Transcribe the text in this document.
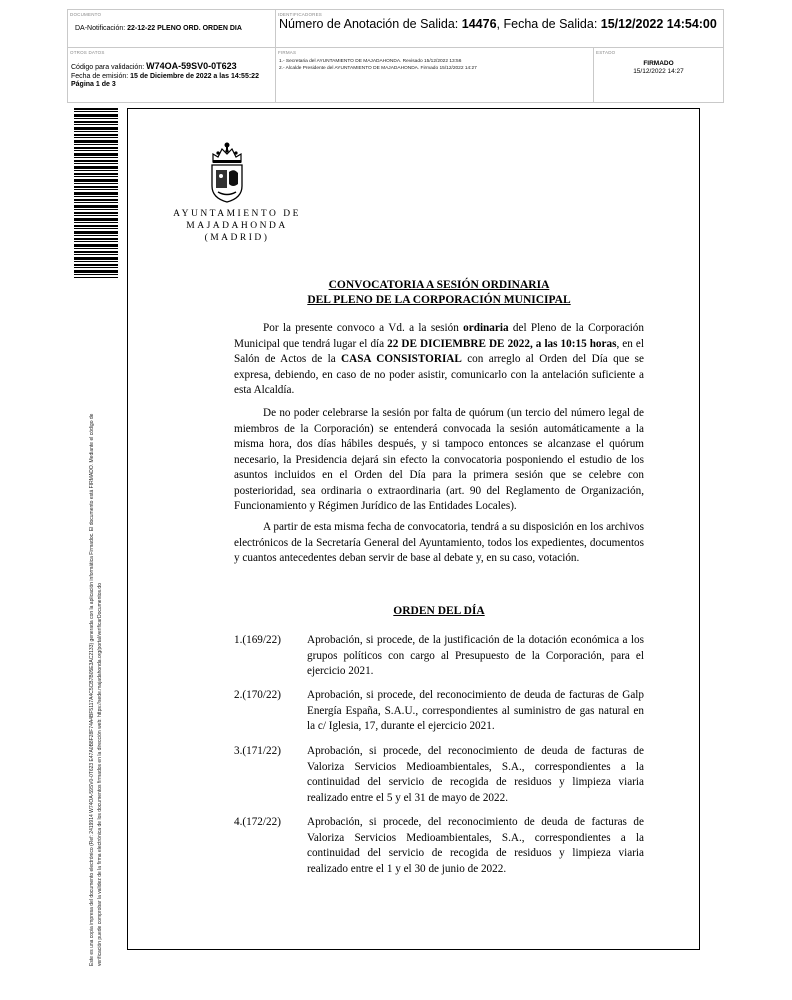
DOCUMENTO
DA-Notificación: 22-12-22 PLENO ORD. ORDEN DIA
IDENTIFICADORES
Número de Anotación de Salida: 14476, Fecha de Salida: 15/12/2022 14:54:00
OTROS DATOS
Código para validación: W74OA-59SV0-0T623
Fecha de emisión: 15 de Diciembre de 2022 a las 14:55:22
Página 1 de 3
FIRMAS
1.- Secretaria del AYUNTAMIENTO DE MAJADAHONDA. Revisado 15/12/2022 13:56
2.- Alcalde Presidente del AYUNTAMIENTO DE MAJADAHONDA. Firmado 15/12/2022 14:27
ESTADO
FIRMADO
15/12/2022 14:27
Este es una copia impresa del documento electrónico (Ref: 2419914 W74OA-59SV0-0T623 E47A0B8F28F74A4BF5117A4C5CB7B05E3AC2133) generada con la aplicación informática Firmadoc. El documento está FIRMADO. Mediante el código de verificación puede comprobar la validez de la firma electrónica de los documentos firmados en la dirección web: https://sede.majadahonda.org/portal/verificarDocumentos.do
AYUNTAMIENTO DE
MAJADAHONDA
(MADRID)
CONVOCATORIA A SESIÓN ORDINARIA
DEL PLENO DE LA CORPORACIÓN MUNICIPAL
Por la presente convoco a Vd. a la sesión ordinaria del Pleno de la Corporación Municipal que tendrá lugar el día 22 DE DICIEMBRE DE 2022, a las 10:15 horas, en el Salón de Actos de la CASA CONSISTORIAL con arreglo al Orden del Día que se expresa, debiendo, en caso de no poder asistir, comunicarlo con la antelación suficiente a esta Alcaldía.
De no poder celebrarse la sesión por falta de quórum (un tercio del número legal de miembros de la Corporación) se entenderá convocada la sesión automáticamente a la misma hora, dos días hábiles después, y si tampoco entonces se alcanzase el quórum necesario, la Presidencia dejará sin efecto la convocatoria posponiendo el estudio de los asuntos incluidos en el Orden del Día para la primera sesión que se celebre con posterioridad, sea ordinaria o extraordinaria (art. 90 del Reglamento de Organización, Funcionamiento y Régimen Jurídico de las Entidades Locales).
A partir de esta misma fecha de convocatoria, tendrá a su disposición en los archivos electrónicos de la Secretaría General del Ayuntamiento, todos los expedientes, documentos y cuantos antecedentes deban servir de base al debate y, en su caso, votación.
ORDEN DEL DÍA
1.(169/22)	Aprobación, si procede, de la justificación de la dotación económica a los grupos políticos con cargo al Presupuesto de la Corporación, para el ejercicio 2021.
2.(170/22)	Aprobación, si procede, del reconocimiento de deuda de facturas de Galp Energía España, S.A.U., correspondientes al suministro de gas natural en la c/ Iglesia, 17, durante el ejercicio 2021.
3.(171/22)	Aprobación, si procede, del reconocimiento de deuda de facturas de Valoriza Servicios Medioambientales, S.A., correspondientes a la continuidad del servicio de recogida de residuos y limpieza viaria realizado entre el 5 y el 31 de mayo de 2022.
4.(172/22)	Aprobación, si procede, del reconocimiento de deuda de facturas de Valoriza Servicios Medioambientales, S.A., correspondientes a la continuidad del servicio de recogida de residuos y limpieza viaria realizado entre el 1 y el 30 de junio de 2022.
